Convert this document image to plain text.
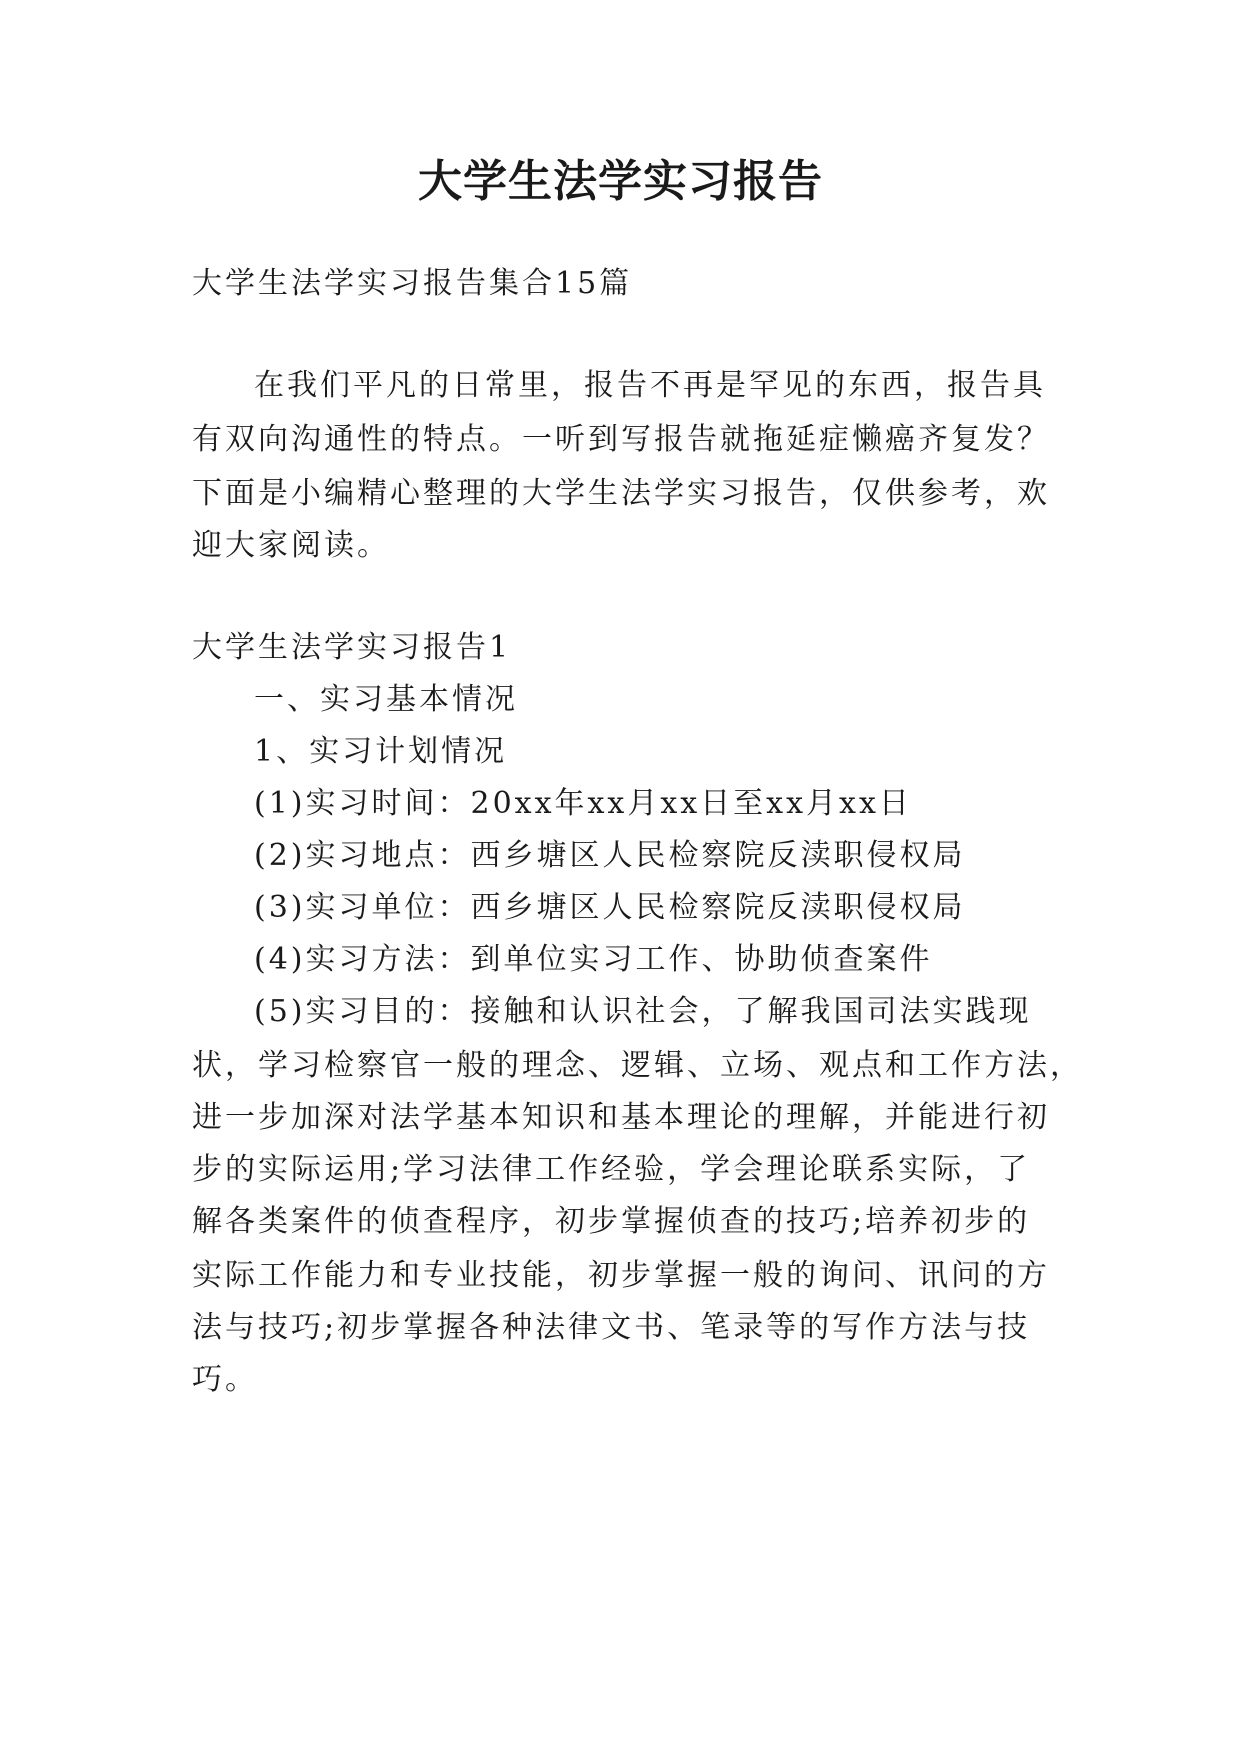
大学生法学实习报告

大学生法学实习报告集合15篇

在我们平凡的日常里，报告不再是罕见的东西，报告具

有双向沟通性的特点。一听到写报告就拖延症懒癌齐复发？

下面是小编精心整理的大学生法学实习报告，仅供参考，欢

迎大家阅读。

大学生法学实习报告1

一、实习基本情况

1、实习计划情况

(1)实习时间：20xx年xx月xx日至xx月xx日

(2)实习地点：西乡塘区人民检察院反渎职侵权局

(3)实习单位：西乡塘区人民检察院反渎职侵权局

(4)实习方法：到单位实习工作、协助侦查案件

(5)实习目的：接触和认识社会，了解我国司法实践现

状，学习检察官一般的理念、逻辑、立场、观点和工作方法，

进一步加深对法学基本知识和基本理论的理解，并能进行初

步的实际运用;学习法律工作经验，学会理论联系实际，了

解各类案件的侦查程序，初步掌握侦查的技巧;培养初步的

实际工作能力和专业技能，初步掌握一般的询问、讯问的方

法与技巧;初步掌握各种法律文书、笔录等的写作方法与技

巧。
